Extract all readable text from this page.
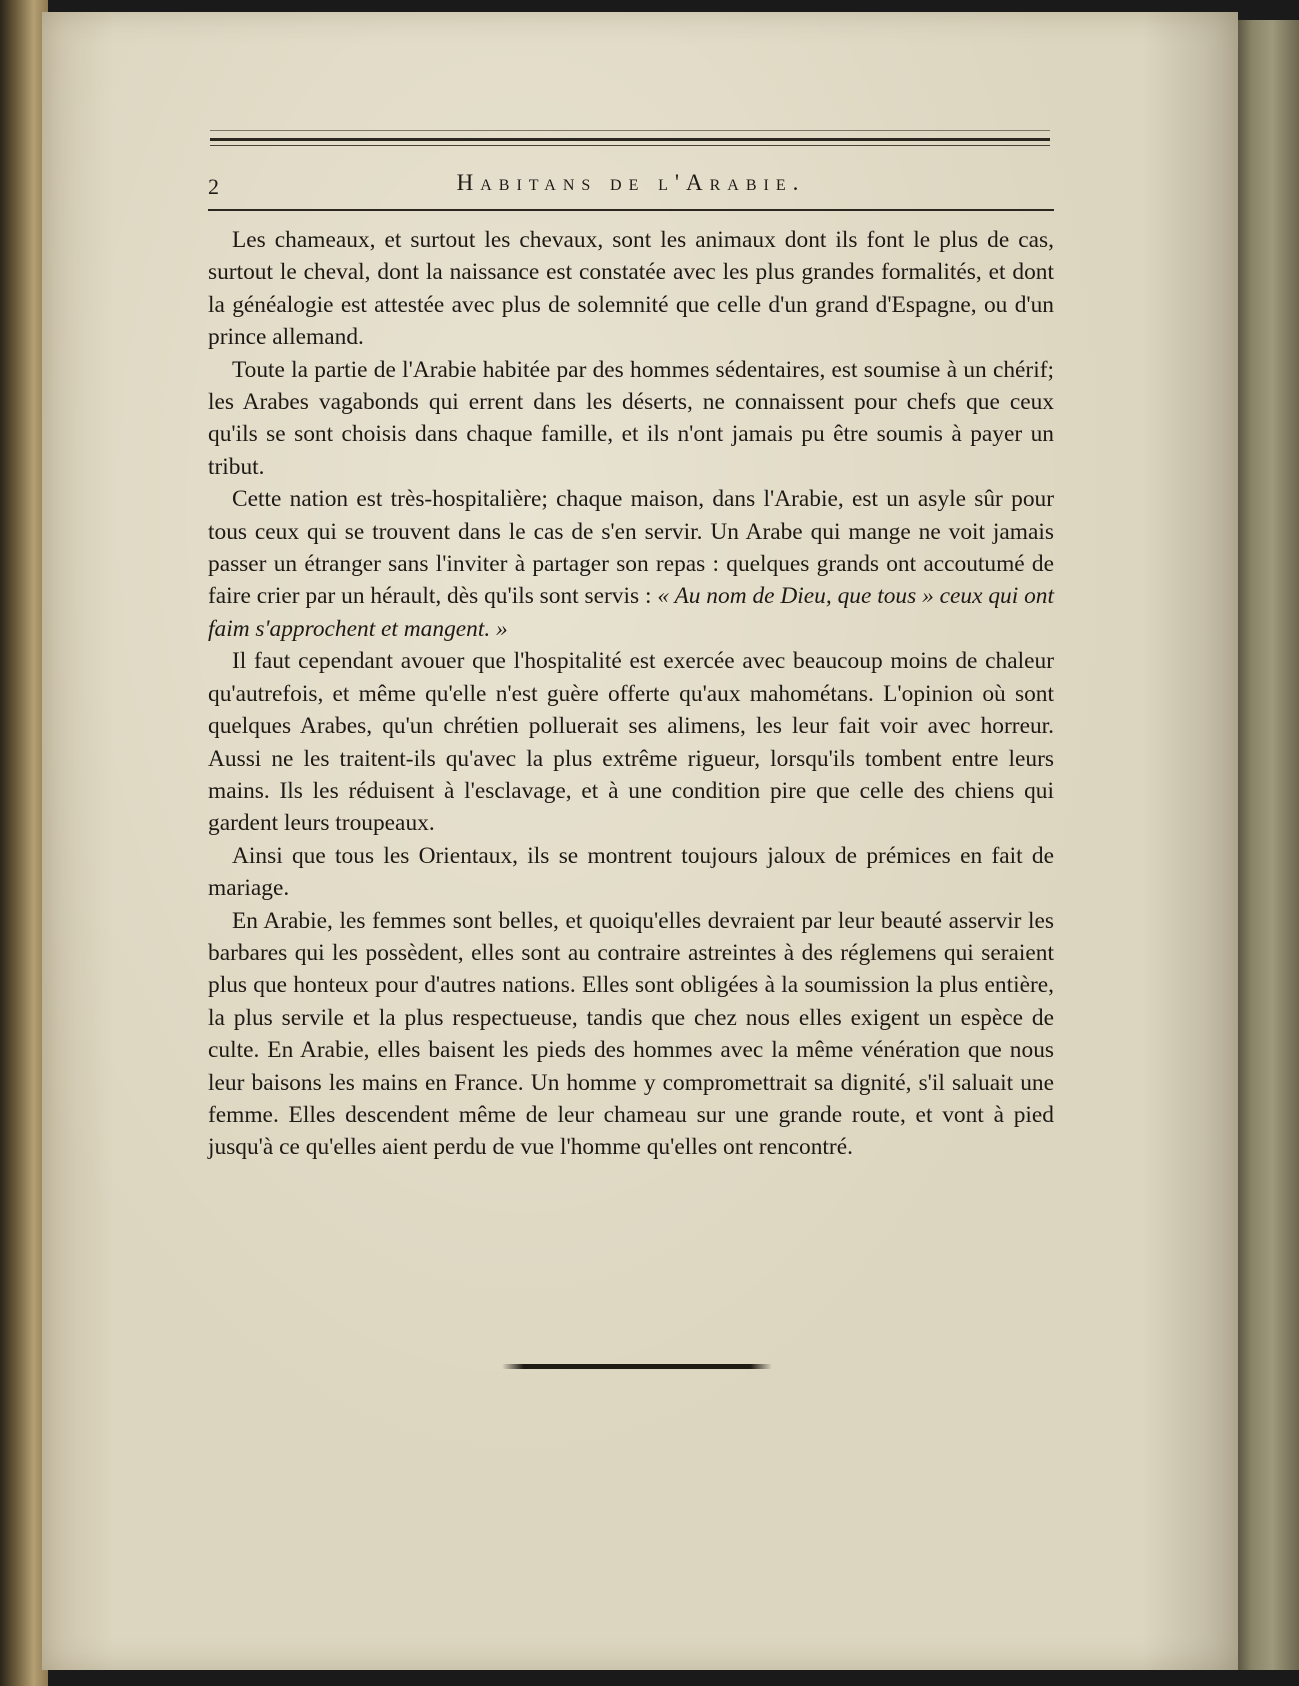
2	Habitans de l'Arabie.

Les chameaux, et surtout les chevaux, sont les animaux dont ils font le plus de cas, surtout le cheval, dont la naissance est constatée avec les plus grandes formalités, et dont la généalogie est attestée avec plus de solemnité que celle d'un grand d'Espagne, ou d'un prince allemand.

Toute la partie de l'Arabie habitée par des hommes sédentaires, est soumise à un chérif; les Arabes vagabonds qui errent dans les déserts, ne connaissent pour chefs que ceux qu'ils se sont choisis dans chaque famille, et ils n'ont jamais pu être soumis à payer un tribut.

Cette nation est très-hospitalière; chaque maison, dans l'Arabie, est un asyle sûr pour tous ceux qui se trouvent dans le cas de s'en servir. Un Arabe qui mange ne voit jamais passer un étranger sans l'inviter à partager son repas : quelques grands ont accoutumé de faire crier par un hérault, dès qu'ils sont servis : « Au nom de Dieu, que tous » ceux qui ont faim s'approchent et mangent. »

Il faut cependant avouer que l'hospitalité est exercée avec beaucoup moins de chaleur qu'autrefois, et même qu'elle n'est guère offerte qu'aux mahométans. L'opinion où sont quelques Arabes, qu'un chrétien polluerait ses alimens, les leur fait voir avec horreur. Aussi ne les traitent-ils qu'avec la plus extrême rigueur, lorsqu'ils tombent entre leurs mains. Ils les réduisent à l'esclavage, et à une condition pire que celle des chiens qui gardent leurs troupeaux.

Ainsi que tous les Orientaux, ils se montrent toujours jaloux de prémices en fait de mariage.

En Arabie, les femmes sont belles, et quoiqu'elles devraient par leur beauté asservir les barbares qui les possèdent, elles sont au contraire astreintes à des réglemens qui seraient plus que honteux pour d'autres nations. Elles sont obligées à la soumission la plus entière, la plus servile et la plus respectueuse, tandis que chez nous elles exigent un espèce de culte. En Arabie, elles baisent les pieds des hommes avec la même vénération que nous leur baisons les mains en France. Un homme y compromettrait sa dignité, s'il saluait une femme. Elles descendent même de leur chameau sur une grande route, et vont à pied jusqu'à ce qu'elles aient perdu de vue l'homme qu'elles ont rencontré.
